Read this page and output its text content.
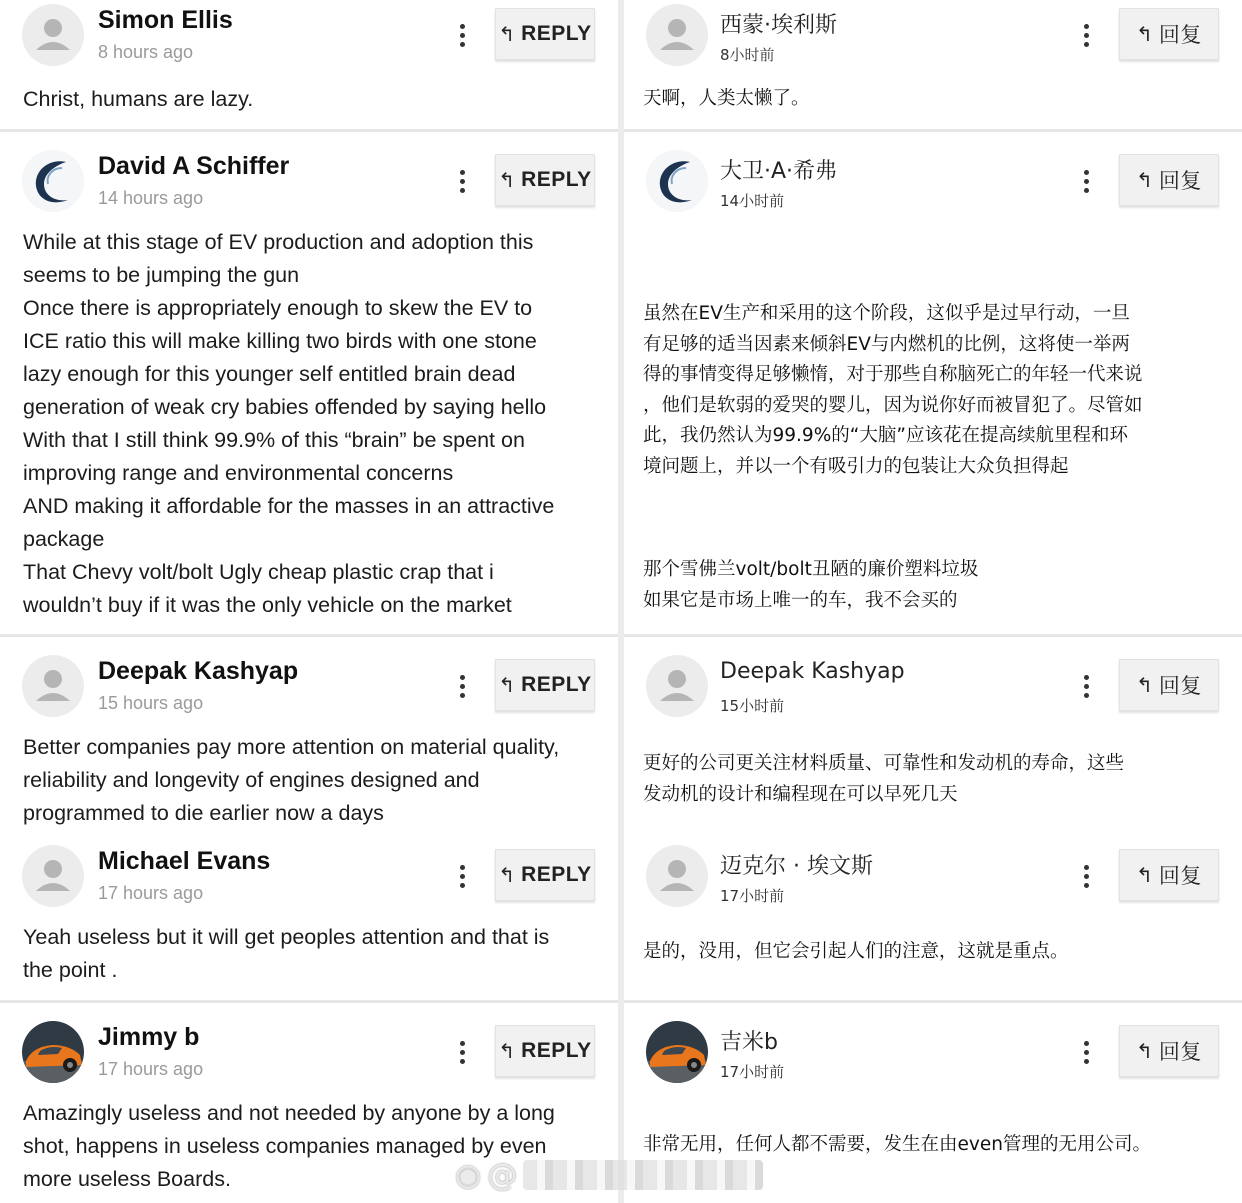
Simon Ellis
8 hours ago
↰ REPLY

Christ, humans are lazy.

David A Schiffer
14 hours ago
↰ REPLY

While at this stage of EV production and adoption this

seems to be jumping the gun

Once there is appropriately enough to skew the EV to

ICE ratio this will make killing two birds with one stone

lazy enough for this younger self entitled brain dead

generation of weak cry babies offended by saying hello

With that I still think 99.9% of this “brain” be spent on

improving range and environmental concerns

AND making it affordable for the masses in an attractive

package

That Chevy volt/bolt Ugly cheap plastic crap that i

wouldn’t buy if it was the only vehicle on the market

Deepak Kashyap
15 hours ago
↰ REPLY

Better companies pay more attention on material quality,

reliability and longevity of engines designed and

programmed to die earlier now a days

Michael Evans
17 hours ago
↰ REPLY

Yeah useless but it will get peoples attention and that is

the point .

Jimmy b
17 hours ago
↰ REPLY

Amazingly useless and not needed by anyone by a long

shot, happens in useless companies managed by even

more useless Boards.

西蒙·埃利斯
8小时前
↰ 回复

天啊，人类太懒了。

大卫·A·希弗
14小时前
↰ 回复

虽然在EV生产和采用的这个阶段，这似乎是过早行动，一旦

有足够的适当因素来倾斜EV与内燃机的比例，这将使一举两

得的事情变得足够懒惰，对于那些自称脑死亡的年轻一代来说

，他们是软弱的爱哭的婴儿，因为说你好而被冒犯了。尽管如

此，我仍然认为99.9%的“大脑”应该花在提高续航里程和环

境问题上，并以一个有吸引力的包装让大众负担得起

那个雪佛兰volt/bolt丑陋的廉价塑料垃圾

如果它是市场上唯一的车，我不会买的

Deepak Kashyap
15小时前
↰ 回复

更好的公司更关注材料质量、可靠性和发动机的寿命，这些

发动机的设计和编程现在可以早死几天

迈克尔 · 埃文斯
17小时前
↰ 回复

是的，没用，但它会引起人们的注意，这就是重点。

吉米b
17小时前
↰ 回复

非常无用，任何人都不需要，发生在由even管理的无用公司。

◉ @
